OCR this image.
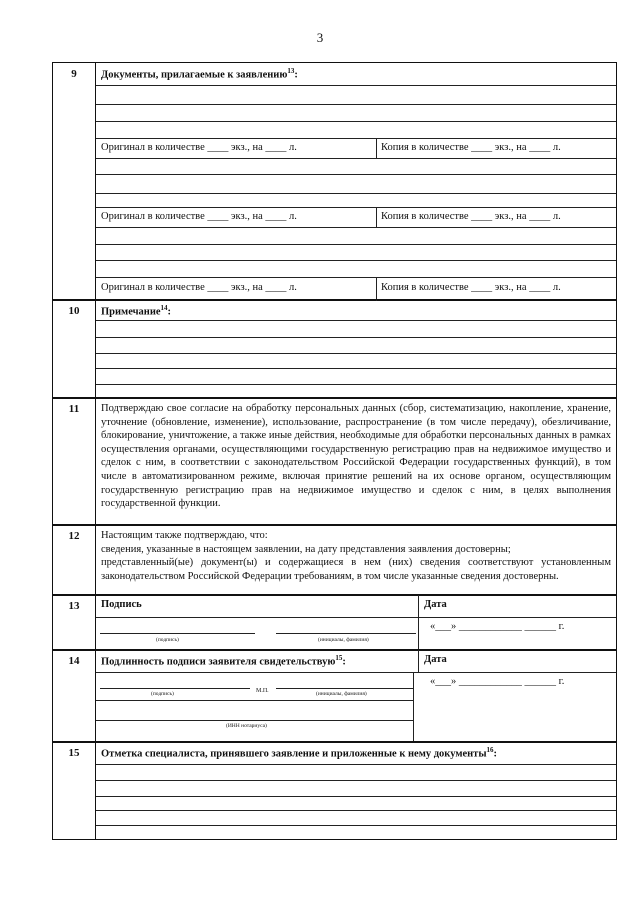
3
9	Документы, прилагаемые к заявлению$^{13}$:
Оригинал в количестве ____ экз., на ____ л.	Копия в количестве ____ экз., на ____ л.
Оригинал в количестве ____ экз., на ____ л.	Копия в количестве ____ экз., на ____ л.
Оригинал в количестве ____ экз., на ____ л.	Копия в количестве ____ экз., на ____ л.
10	Примечание$^{14}$:
11	Подтверждаю свое согласие на обработку персональных данных (сбор, систематизацию, накопление, хранение, уточнение (обновление, изменение), использование, распространение (в том числе передачу), обезличивание, блокирование, уничтожение, а также иные действия, необходимые для обработки персональных данных в рамках осуществления органами, осуществляющими государственную регистрацию прав на недвижимое имущество и сделок с ним, в соответствии с законодательством Российской Федерации государственных функций), в том числе в автоматизированном режиме, включая принятие решений на их основе органом, осуществляющим государственную регистрацию прав на недвижимое имущество и сделок с ним, в целях выполнения государственной функции.
12	Настоящим также подтверждаю, что:
сведения, указанные в настоящем заявлении, на дату представления заявления достоверны;
представленный(ые) документ(ы) и содержащиеся в нем (них) сведения соответствуют установленным законодательством Российской Федерации требованиям, в том числе указанные сведения достоверны.
13	Подпись	Дата
(подпись)	(инициалы, фамилия)
«___» ____________ ______ г.
14	Подлинность подписи заявителя свидетельствую$^{15}$:	Дата
(подпись)	М.П.	(инициалы, фамилия)
(ИНН нотариуса)
«___» ____________ ______ г.
15	Отметка специалиста, принявшего заявление и приложенные к нему документы$^{16}$:
